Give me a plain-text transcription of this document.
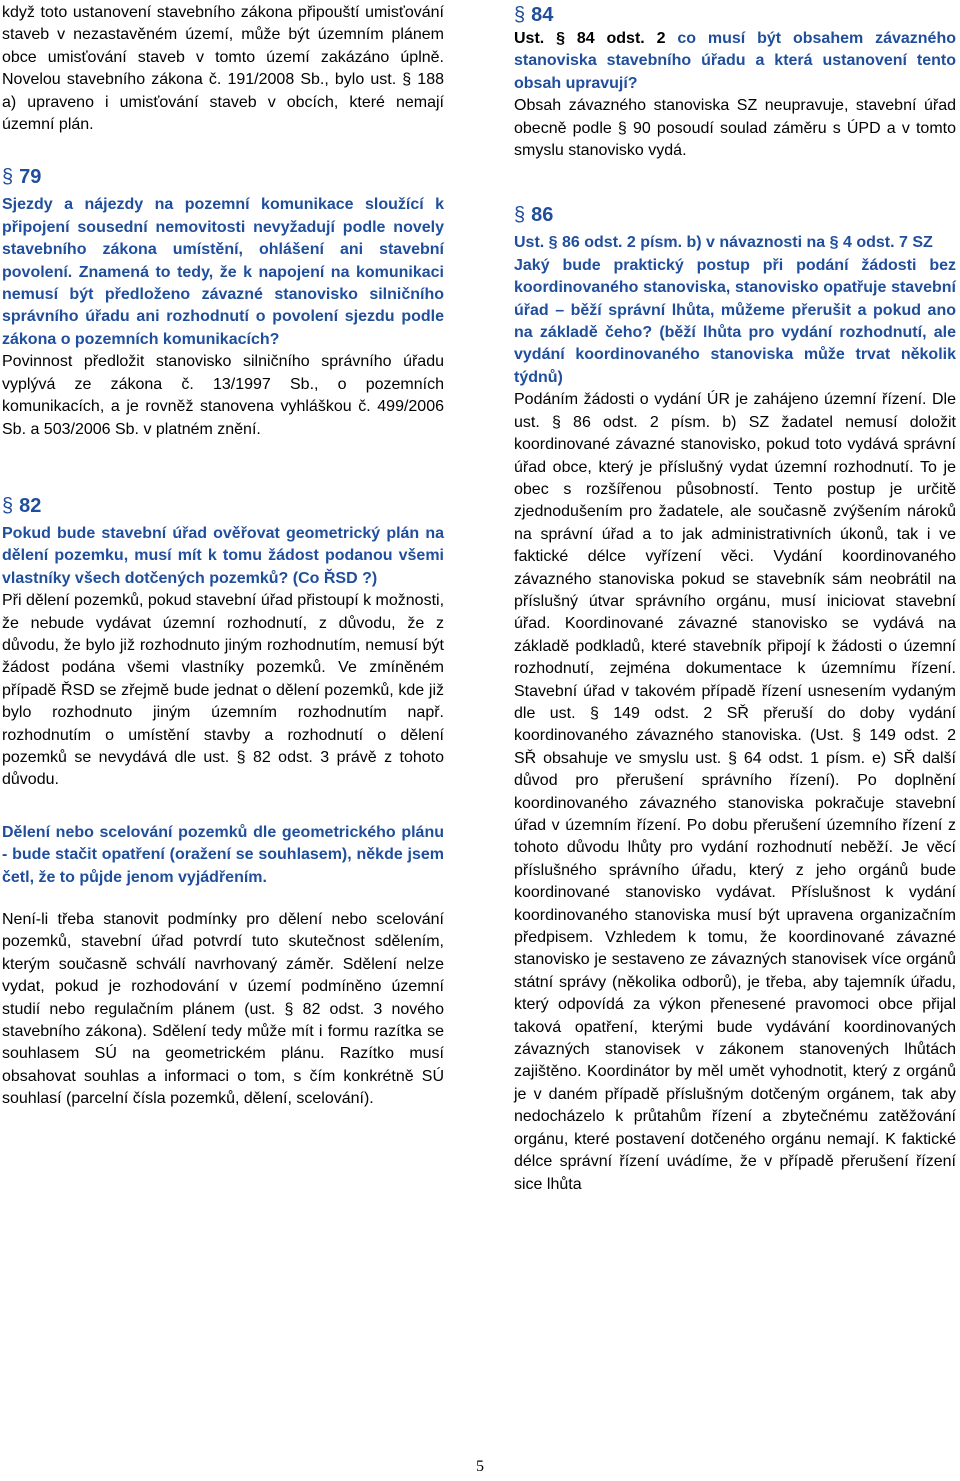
když toto ustanovení stavebního zákona připouští umisťování staveb v nezastavěném území, může být územním plánem obce umisťování staveb v tomto území zakázáno úplně. Novelou stavebního zákona č. 191/2008 Sb., bylo ust. § 188 a) upraveno i umisťování staveb v obcích, které nemají územní plán.

§ 79

Sjezdy a nájezdy na pozemní komunikace sloužící k připojení sousední nemovitosti nevyžadují podle novely stavebního zákona umístění, ohlášení ani stavební povolení. Znamená to tedy, že k napojení na komunikaci nemusí být předloženo závazné stanovisko silničního správního úřadu ani rozhodnutí o povolení sjezdu podle zákona o pozemních komunikacích?

Povinnost předložit stanovisko silničního správního úřadu vyplývá ze zákona č. 13/1997 Sb., o pozemních komunikacích, a je rovněž stanovena vyhláškou č. 499/2006 Sb. a 503/2006 Sb. v platném znění.

§ 82

Pokud bude stavební úřad ověřovat geometrický plán na dělení pozemku, musí mít k tomu žádost podanou všemi vlastníky všech dotčených pozemků? (Co ŘSD ?)

Při dělení pozemků, pokud stavební úřad přistoupí k možnosti, že nebude vydávat územní rozhodnutí, z důvodu, že z důvodu, že bylo již rozhodnuto jiným rozhodnutím, nemusí být žádost podána všemi vlastníky pozemků. Ve zmíněném případě ŘSD se zřejmě bude jednat o dělení pozemků, kde již bylo rozhodnuto jiným územním rozhodnutím např. rozhodnutím o umístění stavby a rozhodnutí o dělení pozemků se nevydává dle ust. § 82 odst. 3 právě z tohoto důvodu.

Dělení nebo scelování pozemků dle geometrického plánu - bude stačit opatření (oražení se souhlasem), někde jsem četl, že to půjde jenom vyjádřením.

Není-li třeba stanovit podmínky pro dělení nebo scelování pozemků, stavební úřad potvrdí tuto skutečnost sdělením, kterým současně schválí navrhovaný záměr. Sdělení nelze vydat, pokud je rozhodování v území podmíněno územní studií nebo regulačním plánem (ust. § 82 odst. 3 nového stavebního zákona). Sdělení tedy může mít i formu razítka se souhlasem SÚ na geometrickém plánu. Razítko musí obsahovat souhlas a informaci o tom, s čím konkrétně SÚ souhlasí (parcelní čísla pozemků, dělení, scelování).

§ 84

Ust. § 84 odst. 2 co musí být obsahem závazného stanoviska stavebního úřadu a která ustanovení tento obsah upravují?

Obsah závazného stanoviska SZ neupravuje, stavební úřad obecně podle § 90 posoudí soulad záměru s ÚPD a v tomto smyslu stanovisko vydá.

§ 86

Ust. § 86 odst. 2 písm. b) v návaznosti na § 4 odst. 7 SZ

Jaký bude praktický postup při podání žádosti bez koordinovaného stanoviska, stanovisko opatřuje stavební úřad – běží správní lhůta, můžeme přerušit a pokud ano na základě čeho? (běží lhůta pro vydání rozhodnutí, ale vydání koordinovaného stanoviska může trvat několik týdnů)

Podáním žádosti o vydání ÚR je zahájeno územní řízení. Dle ust. § 86 odst. 2 písm. b) SZ žadatel nemusí doložit koordinované závazné stanovisko, pokud toto vydává správní úřad obce, který je příslušný vydat územní rozhodnutí. To je obec s rozšířenou působností. Tento postup je určitě zjednodušením pro žadatele, ale současně zvýšením nároků na správní úřad a to jak administrativních úkonů, tak i ve faktické délce vyřízení věci. Vydání koordinovaného závazného stanoviska pokud se stavebník sám neobrátil na příslušný útvar správního orgánu, musí iniciovat stavební úřad. Koordinované závazné stanovisko se vydává na základě podkladů, které stavebník připojí k žádosti o územní rozhodnutí, zejména dokumentace k územnímu řízení. Stavební úřad v takovém případě řízení usnesením vydaným dle ust. § 149 odst. 2 SŘ přeruší do doby vydání koordinovaného závazného stanoviska. (Ust. § 149 odst. 2 SŘ obsahuje ve smyslu ust. § 64 odst. 1 písm. e) SŘ další důvod pro přerušení správního řízení). Po doplnění koordinovaného závazného stanoviska pokračuje stavební úřad v územním řízení. Po dobu přerušení územního řízení z tohoto důvodu lhůty pro vydání rozhodnutí neběží. Je věcí příslušného správního úřadu, který z jeho orgánů bude koordinované stanovisko vydávat. Příslušnost k vydání koordinovaného stanoviska musí být upravena organizačním předpisem. Vzhledem k tomu, že koordinované závazné stanovisko je sestaveno ze závazných stanovisek více orgánů státní správy (několika odborů), je třeba, aby tajemník úřadu, který odpovídá za výkon přenesené pravomoci obce přijal taková opatření, kterými bude vydávání koordinovaných závazných stanovisek v zákonem stanovených lhůtách zajištěno. Koordinátor by měl umět vyhodnotit, který z orgánů je v daném případě příslušným dotčeným orgánem, tak aby nedocházelo k průtahům řízení a zbytečnému zatěžování orgánu, které postavení dotčeného orgánu nemají. K faktické délce správní řízení uvádíme, že v případě přerušení řízení sice lhůta

5
